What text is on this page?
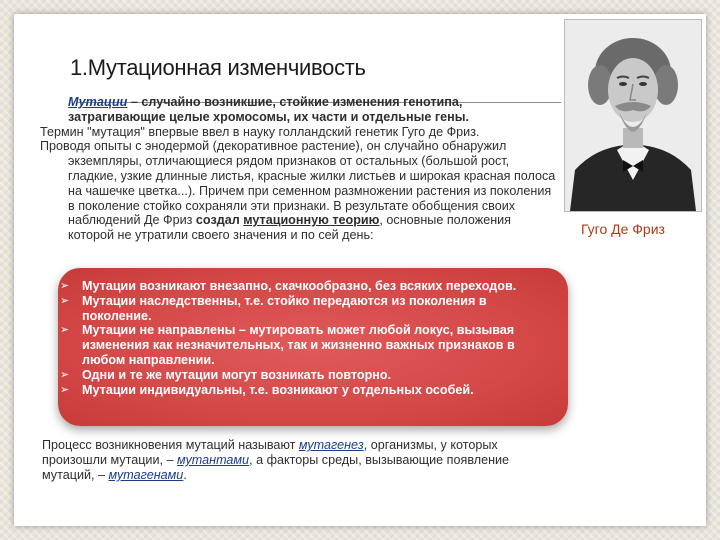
1.Мутационная изменчивость
Гуго Де Фриз

Мутации – случайно возникшие, стойкие изменения генотипа, затрагивающие целые хромосомы, их части и отдельные гены.

Термин "мутация" впервые ввел в науку голландский генетик Гуго де Фриз.

Проводя опыты с энодермой (декоративное растение), он случайно обнаружил экземпляры, отличающиеся рядом признаков от остальных (большой рост, гладкие, узкие длинные листья, красные жилки листьев и широкая красная полоса на чашечке цветка...). Причем при семенном размножении растения из поколения в поколение стойко сохраняли эти признаки. В результате обобщения своих наблюдений Де Фриз создал мутационную теорию, основные положения которой не утратили своего значения и по сей день:

➢ Мутации возникают внезапно, скачкообразно, без всяких переходов.
➢ Мутации наследственны, т.е. стойко передаются из поколения в поколение.
➢ Мутации не направлены – мутировать может любой локус, вызывая изменения как незначительных, так и жизненно важных признаков в любом направлении.
➢ Одни и те же мутации могут возникать повторно.
➢ Мутации индивидуальны, т.е. возникают у отдельных особей.
Процесс возникновения мутаций называют мутагенез, организмы, у которых произошли мутации, – мутантами, а факторы среды, вызывающие появление мутаций, – мутагенами.
